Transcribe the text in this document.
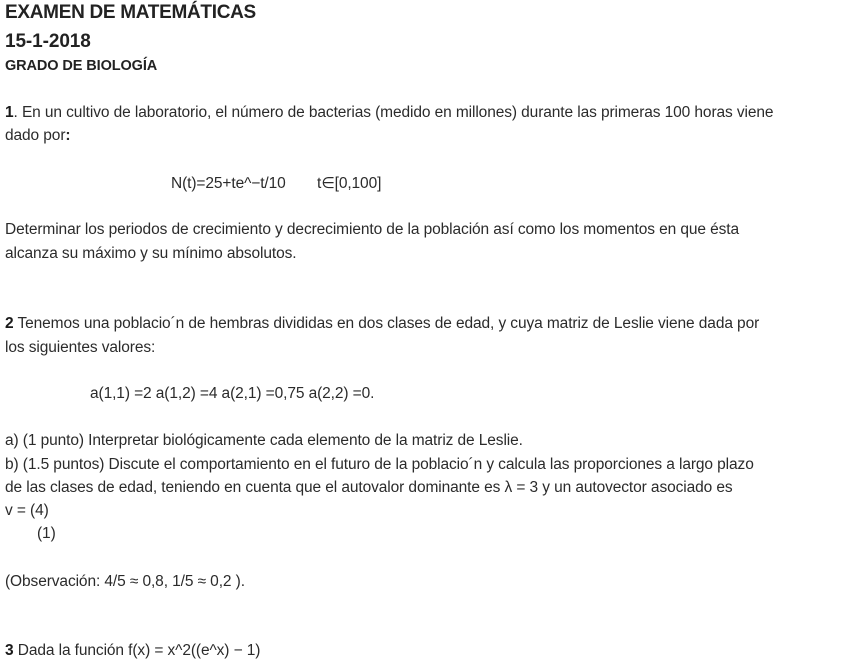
EXAMEN DE MATEMÁTICAS
15-1-2018
GRADO DE BIOLOGÍA
1. En un cultivo de laboratorio, el número de bacterias (medido en millones) durante las primeras 100 horas viene
dado por:
N(t)=25+te^−t/10 t∈[0,100]
Determinar los periodos de crecimiento y decrecimiento de la población así como los momentos en que ésta
alcanza su máximo y su mínimo absolutos.
2 Tenemos una poblacio´n de hembras divididas en dos clases de edad, y cuya matriz de Leslie viene dada por
los siguientes valores:
a(1,1) =2 a(1,2) =4 a(2,1) =0,75 a(2,2) =0.
a) (1 punto) Interpretar biológicamente cada elemento de la matriz de Leslie.
b) (1.5 puntos) Discute el comportamiento en el futuro de la poblacio´n y calcula las proporciones a largo plazo
de las clases de edad, teniendo en cuenta que el autovalor dominante es λ = 3 y un autovector asociado es
v = (4)
(1)
(Observación: 4/5 ≈ 0,8, 1/5 ≈ 0,2 ).
3 Dada la función f(x) = x^2((e^x) − 1)
